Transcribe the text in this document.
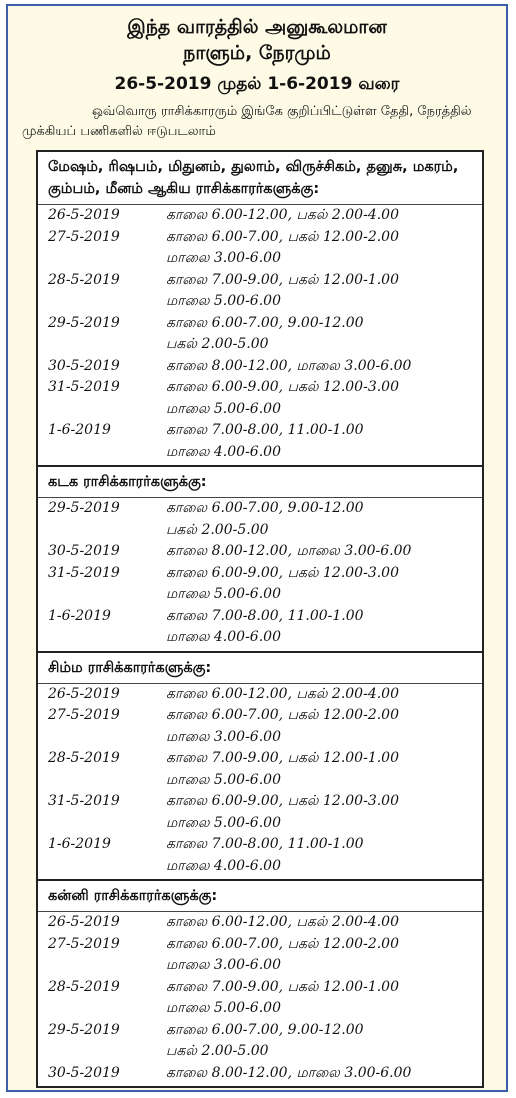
இந்த வாரத்தில் அனுகூலமான
நாளும், நேரமும்
26-5-2019 முதல் 1-6-2019 வரை
ஒவ்வொரு ராசிக்காரரும் இங்கே குறிப்பிட்டுள்ள தேதி, நேரத்தில் முக்கியப் பணிகளில் ஈடுபடலாம்
மேஷம், ரிஷபம், மிதுனம், துலாம், விருச்சிகம், தனுசு, மகரம், கும்பம், மீனம் ஆகிய ராசிக்காரர்களுக்கு:
26-5-2019	காலை 6.00-12.00, பகல் 2.00-4.00
27-5-2019	காலை 6.00-7.00, பகல் 12.00-2.00
மாலை 3.00-6.00
28-5-2019	காலை 7.00-9.00, பகல் 12.00-1.00
மாலை 5.00-6.00
29-5-2019	காலை 6.00-7.00, 9.00-12.00
பகல் 2.00-5.00
30-5-2019	காலை 8.00-12.00, மாலை 3.00-6.00
31-5-2019	காலை 6.00-9.00, பகல் 12.00-3.00
மாலை 5.00-6.00
1-6-2019	காலை 7.00-8.00, 11.00-1.00
மாலை 4.00-6.00
கடக ராசிக்காரர்களுக்கு:
29-5-2019	காலை 6.00-7.00, 9.00-12.00
பகல் 2.00-5.00
30-5-2019	காலை 8.00-12.00, மாலை 3.00-6.00
31-5-2019	காலை 6.00-9.00, பகல் 12.00-3.00
மாலை 5.00-6.00
1-6-2019	காலை 7.00-8.00, 11.00-1.00
மாலை 4.00-6.00
சிம்ம ராசிக்காரர்களுக்கு:
26-5-2019	காலை 6.00-12.00, பகல் 2.00-4.00
27-5-2019	காலை 6.00-7.00, பகல் 12.00-2.00
மாலை 3.00-6.00
28-5-2019	காலை 7.00-9.00, பகல் 12.00-1.00
மாலை 5.00-6.00
31-5-2019	காலை 6.00-9.00, பகல் 12.00-3.00
மாலை 5.00-6.00
1-6-2019	காலை 7.00-8.00, 11.00-1.00
மாலை 4.00-6.00
கன்னி ராசிக்காரர்களுக்கு:
26-5-2019	காலை 6.00-12.00, பகல் 2.00-4.00
27-5-2019	காலை 6.00-7.00, பகல் 12.00-2.00
மாலை 3.00-6.00
28-5-2019	காலை 7.00-9.00, பகல் 12.00-1.00
மாலை 5.00-6.00
29-5-2019	காலை 6.00-7.00, 9.00-12.00
பகல் 2.00-5.00
30-5-2019	காலை 8.00-12.00, மாலை 3.00-6.00
